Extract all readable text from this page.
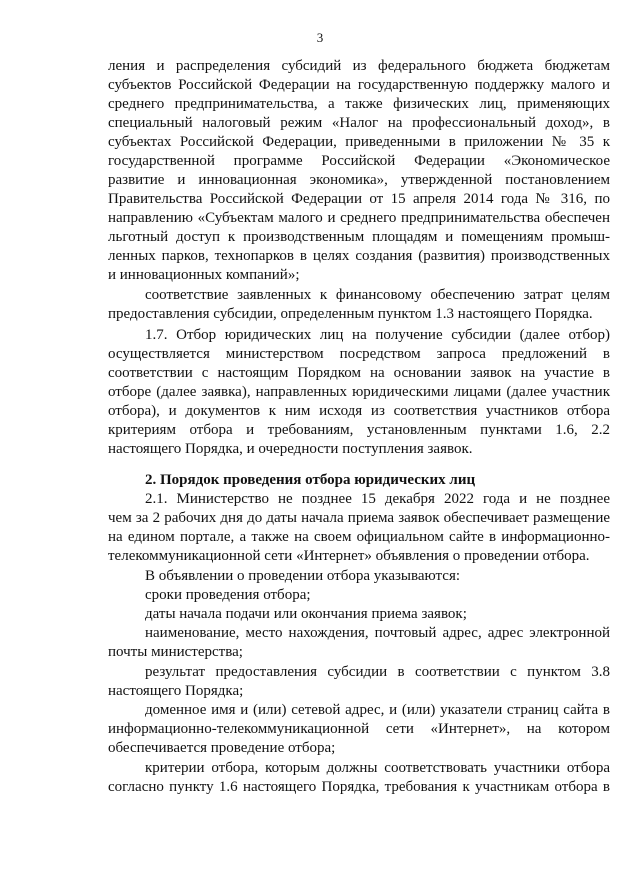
3
ления и распределения субсидий из федерального бюджета бюджетам
субъектов Российской Федерации на государственную поддержку малого и
среднего предпринимательства, а также физических лиц, применяющих
специальный налоговый режим «Налог на профессиональный доход», в
субъектах Российской Федерации, приведенными в приложении № 35 к
государственной программе Российской Федерации «Экономическое
развитие и инновационная экономика», утвержденной постановлением
Правительства Российской Федерации от 15 апреля 2014 года № 316, по
направлению «Субъектам малого и среднего предпринимательства обеспечен
льготный доступ к производственным площадям и помещениям промыш-
ленных парков, технопарков в целях создания (развития) производственных
и инновационных компаний»;
соответствие заявленных к финансовому обеспечению затрат целям
предоставления субсидии, определенным пунктом 1.3 настоящего Порядка.
1.7. Отбор юридических лиц на получение субсидии (далее отбор)
осуществляется министерством посредством запроса предложений в
соответствии с настоящим Порядком на основании заявок на участие в
отборе (далее заявка), направленных юридическими лицами (далее участник
отбора), и документов к ним исходя из соответствия участников отбора
критериям отбора и требованиям, установленным пунктами 1.6, 2.2
настоящего Порядка, и очередности поступления заявок.
2. Порядок проведения отбора юридических лиц
2.1. Министерство не позднее 15 декабря 2022 года и не позднее
чем за 2 рабочих дня до даты начала приема заявок обеспечивает размещение
на едином портале, а также на своем официальном сайте в информационно-
телекоммуникационной сети «Интернет» объявления о проведении отбора.
В объявлении о проведении отбора указываются:
сроки проведения отбора;
даты начала подачи или окончания приема заявок;
наименование, место нахождения, почтовый адрес, адрес электронной
почты министерства;
результат предоставления субсидии в соответствии с пунктом 3.8
настоящего Порядка;
доменное имя и (или) сетевой адрес, и (или) указатели страниц сайта в
информационно-телекоммуникационной сети «Интернет», на котором
обеспечивается проведение отбора;
критерии отбора, которым должны соответствовать участники отбора
согласно пункту 1.6 настоящего Порядка, требования к участникам отбора в
